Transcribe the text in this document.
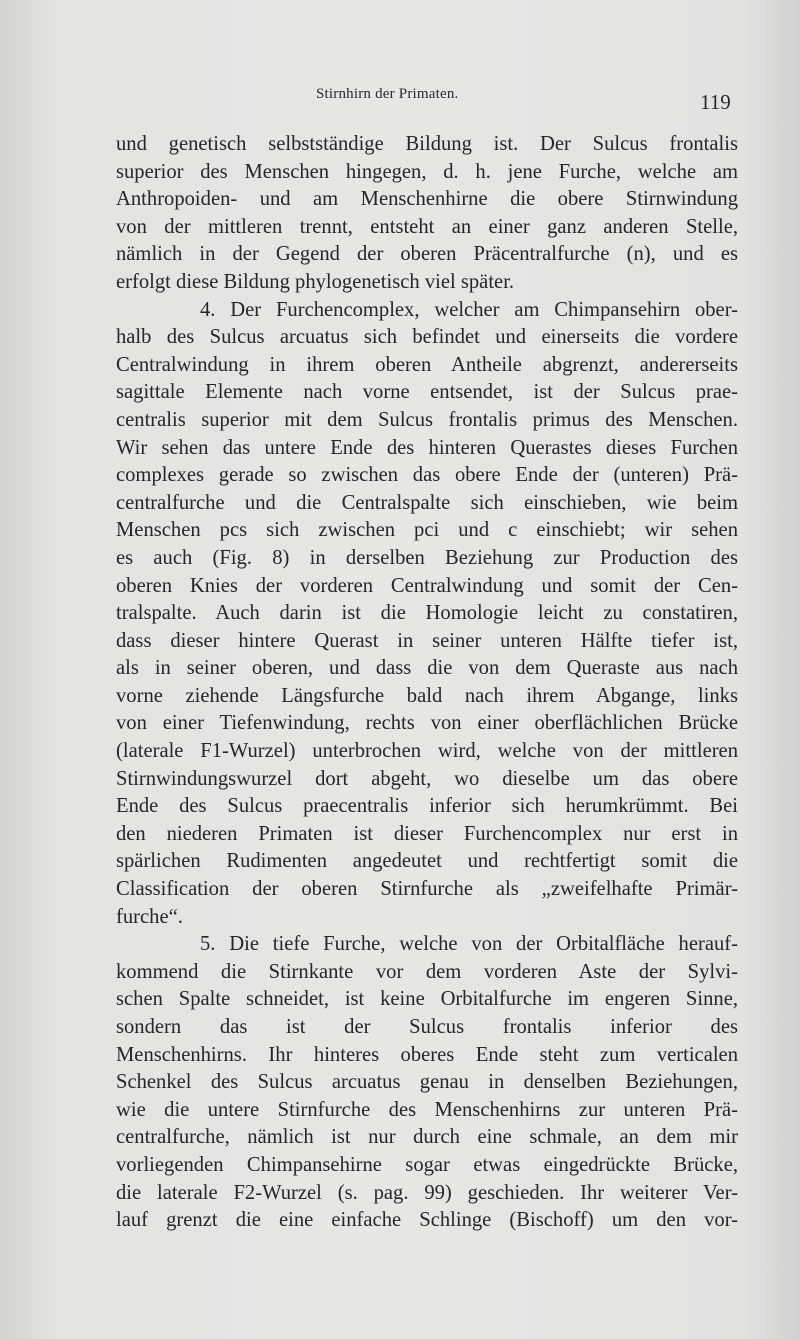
Stirnhirn der Primaten.	119
und genetisch selbstständige Bildung ist. Der Sulcus frontalis
superior des Menschen hingegen, d. h. jene Furche, welche am
Anthropoiden- und am Menschenhirne die obere Stirnwindung
von der mittleren trennt, entsteht an einer ganz anderen Stelle,
nämlich in der Gegend der oberen Präcentralfurche (n), und es
erfolgt diese Bildung phylogenetisch viel später.
4. Der Furchencomplex, welcher am Chimpansehirn ober-
halb des Sulcus arcuatus sich befindet und einerseits die vordere
Centralwindung in ihrem oberen Antheile abgrenzt, andererseits
sagittale Elemente nach vorne entsendet, ist der Sulcus prae-
centralis superior mit dem Sulcus frontalis primus des Menschen.
Wir sehen das untere Ende des hinteren Querastes dieses Furchen
complexes gerade so zwischen das obere Ende der (unteren) Prä-
centralfurche und die Centralspalte sich einschieben, wie beim
Menschen pcs sich zwischen pci und c einschiebt; wir sehen
es auch (Fig. 8) in derselben Beziehung zur Production des
oberen Knies der vorderen Centralwindung und somit der Cen-
tralspalte. Auch darin ist die Homologie leicht zu constatiren,
dass dieser hintere Querast in seiner unteren Hälfte tiefer ist,
als in seiner oberen, und dass die von dem Queraste aus nach
vorne ziehende Längsfurche bald nach ihrem Abgange, links
von einer Tiefenwindung, rechts von einer oberflächlichen Brücke
(laterale F1-Wurzel) unterbrochen wird, welche von der mittleren
Stirnwindungswurzel dort abgeht, wo dieselbe um das obere
Ende des Sulcus praecentralis inferior sich herumkrümmt. Bei
den niederen Primaten ist dieser Furchencomplex nur erst in
spärlichen Rudimenten angedeutet und rechtfertigt somit die
Classification der oberen Stirnfurche als „zweifelhafte Primär-
furche“.
5. Die tiefe Furche, welche von der Orbitalfläche herauf-
kommend die Stirnkante vor dem vorderen Aste der Sylvi-
schen Spalte schneidet, ist keine Orbitalfurche im engeren Sinne,
sondern das ist der Sulcus frontalis inferior des
Menschenhirns. Ihr hinteres oberes Ende steht zum verticalen
Schenkel des Sulcus arcuatus genau in denselben Beziehungen,
wie die untere Stirnfurche des Menschenhirns zur unteren Prä-
centralfurche, nämlich ist nur durch eine schmale, an dem mir
vorliegenden Chimpansehirne sogar etwas eingedrückte Brücke,
die laterale F2-Wurzel (s. pag. 99) geschieden. Ihr weiterer Ver-
lauf grenzt die eine einfache Schlinge (Bischoff) um den vor-
